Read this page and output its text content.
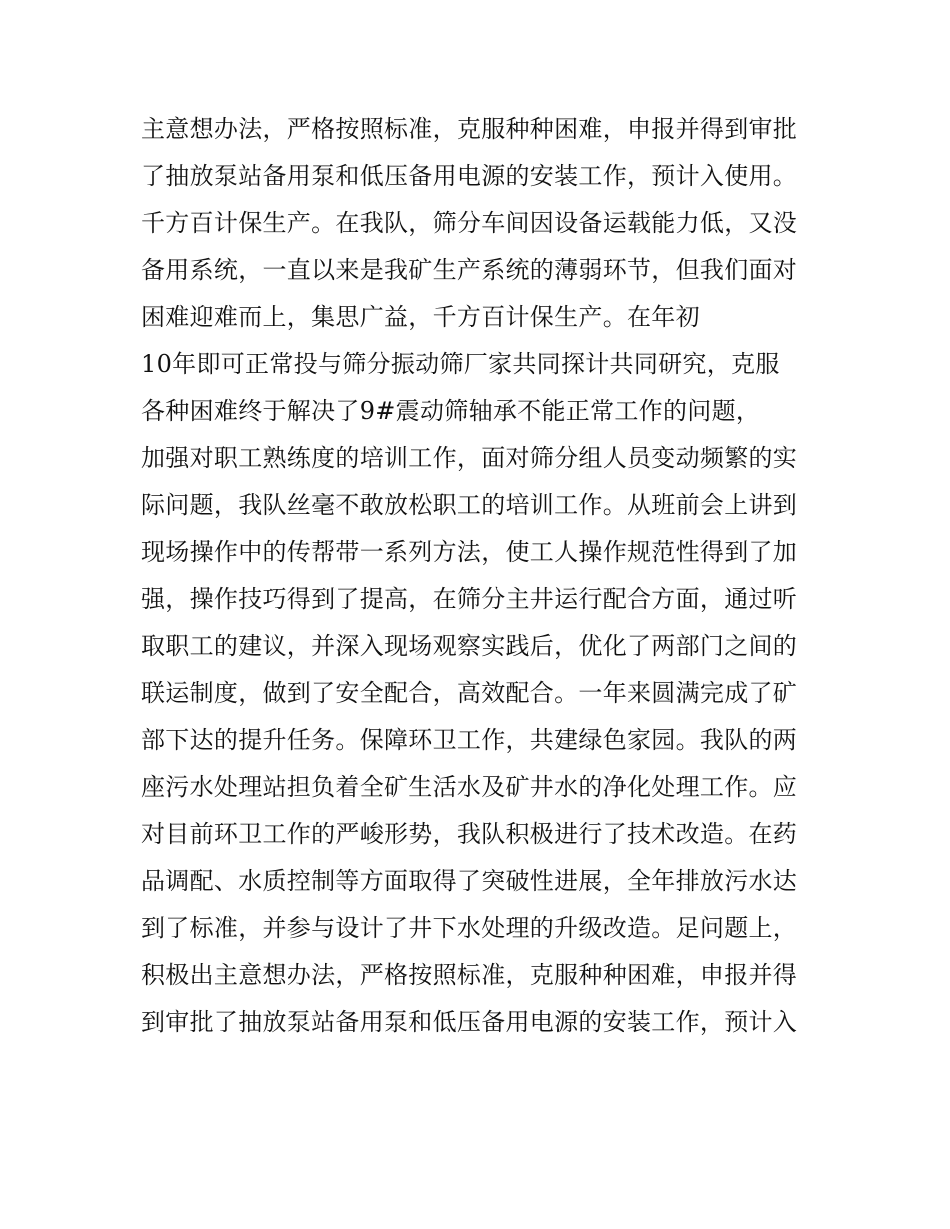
主意想办法，严格按照标准，克服种种困难，申报并得到审批
了抽放泵站备用泵和低压备用电源的安装工作，预计入使用。
千方百计保生产。在我队，筛分车间因设备运载能力低，又没
备用系统，一直以来是我矿生产系统的薄弱环节，但我们面对
困难迎难而上，集思广益，千方百计保生产。在年初
10年即可正常投与筛分振动筛厂家共同探计共同研究，克服
各种困难终于解决了9#震动筛轴承不能正常工作的问题，
加强对职工熟练度的培训工作，面对筛分组人员变动频繁的实
际问题，我队丝毫不敢放松职工的培训工作。从班前会上讲到
现场操作中的传帮带一系列方法，使工人操作规范性得到了加
强，操作技巧得到了提高，在筛分主井运行配合方面，通过听
取职工的建议，并深入现场观察实践后，优化了两部门之间的
联运制度，做到了安全配合，高效配合。一年来圆满完成了矿
部下达的提升任务。保障环卫工作，共建绿色家园。我队的两
座污水处理站担负着全矿生活水及矿井水的净化处理工作。应
对目前环卫工作的严峻形势，我队积极进行了技术改造。在药
品调配、水质控制等方面取得了突破性进展，全年排放污水达
到了标准，并参与设计了井下水处理的升级改造。足问题上，
积极出主意想办法，严格按照标准，克服种种困难，申报并得
到审批了抽放泵站备用泵和低压备用电源的安装工作，预计入
